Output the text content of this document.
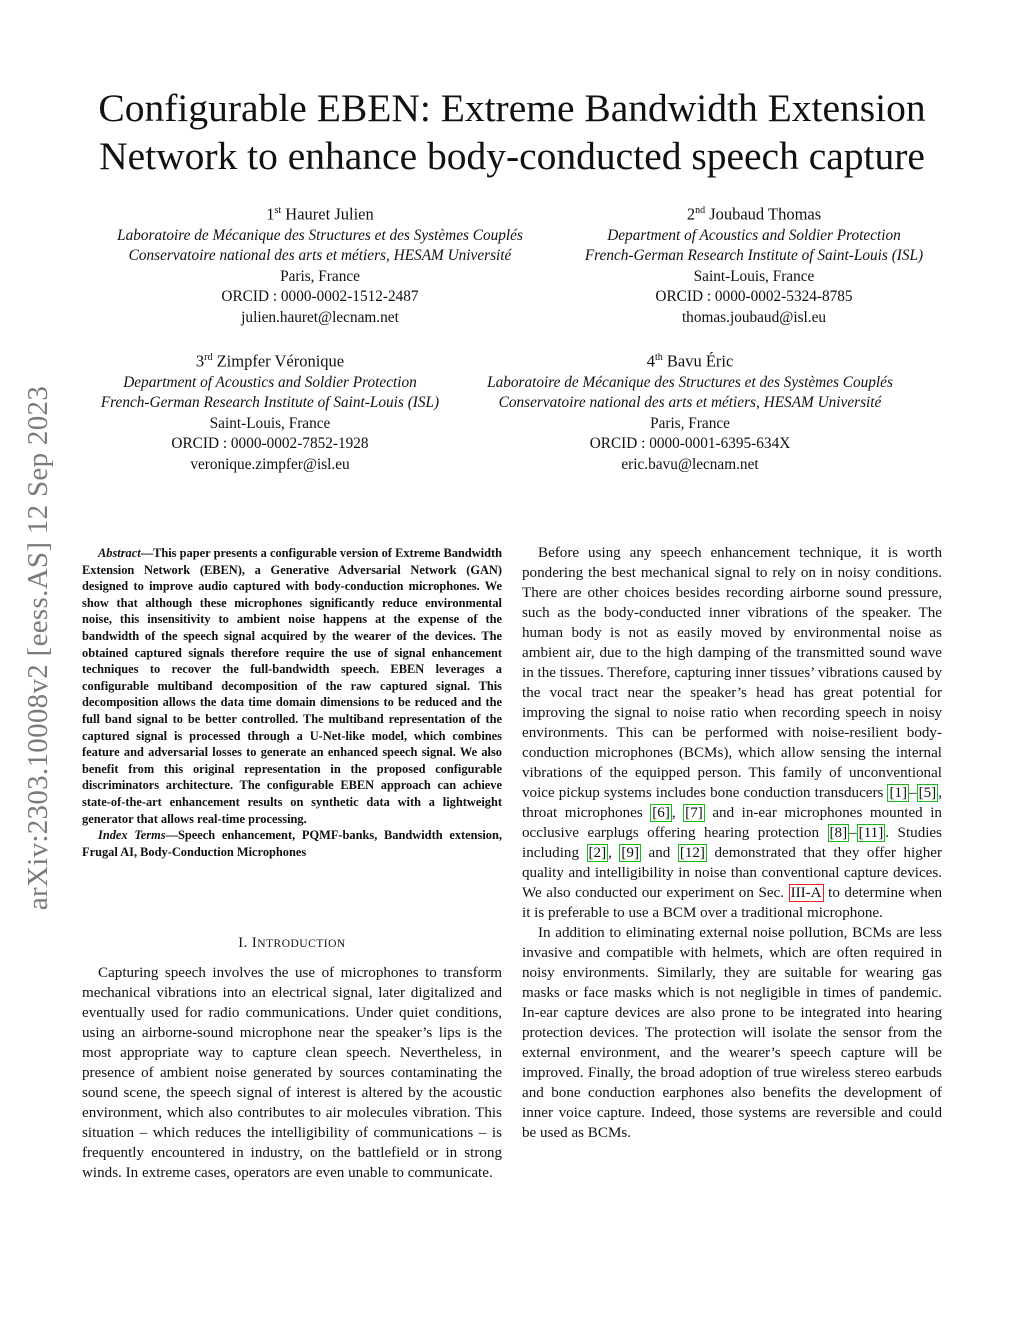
arXiv:2303.10008v2 [eess.AS] 12 Sep 2023
Configurable EBEN: Extreme Bandwidth Extension
Network to enhance body-conducted speech capture
1st Hauret Julien
Laboratoire de Mécanique des Structures et des Systèmes Couplés
Conservatoire national des arts et métiers, HESAM Université
Paris, France
ORCID : 0000-0002-1512-2487
julien.hauret@lecnam.net
2nd Joubaud Thomas
Department of Acoustics and Soldier Protection
French-German Research Institute of Saint-Louis (ISL)
Saint-Louis, France
ORCID : 0000-0002-5324-8785
thomas.joubaud@isl.eu
3rd Zimpfer Véronique
Department of Acoustics and Soldier Protection
French-German Research Institute of Saint-Louis (ISL)
Saint-Louis, France
ORCID : 0000-0002-7852-1928
veronique.zimpfer@isl.eu
4th Bavu Éric
Laboratoire de Mécanique des Structures et des Systèmes Couplés
Conservatoire national des arts et métiers, HESAM Université
Paris, France
ORCID : 0000-0001-6395-634X
eric.bavu@lecnam.net

Abstract—This paper presents a configurable version of Extreme Bandwidth Extension Network (EBEN), a Generative Adversarial Network (GAN) designed to improve audio captured with body-conduction microphones. We show that although these microphones significantly reduce environmental noise, this insensitivity to ambient noise happens at the expense of the bandwidth of the speech signal acquired by the wearer of the devices. The obtained captured signals therefore require the use of signal enhancement techniques to recover the full-bandwidth speech. EBEN leverages a configurable multiband decomposition of the raw captured signal. This decomposition allows the data time domain dimensions to be reduced and the full band signal to be better controlled. The multiband representation of the captured signal is processed through a U-Net-like model, which combines feature and adversarial losses to generate an enhanced speech signal. We also benefit from this original representation in the proposed configurable discriminators architecture. The configurable EBEN approach can achieve state-of-the-art enhancement results on synthetic data with a lightweight generator that allows real-time processing.

Index Terms—Speech enhancement, PQMF-banks, Bandwidth extension, Frugal AI, Body-Conduction Microphones

I. INTRODUCTION

Capturing speech involves the use of microphones to transform mechanical vibrations into an electrical signal, later digitalized and eventually used for radio communications. Under quiet conditions, using an airborne-sound microphone near the speaker’s lips is the most appropriate way to capture clean speech. Nevertheless, in presence of ambient noise generated by sources contaminating the sound scene, the speech signal of interest is altered by the acoustic environment, which also contributes to air molecules vibration. This situation – which reduces the intelligibility of communications – is frequently encountered in industry, on the battlefield or in strong winds. In extreme cases, operators are even unable to communicate.

Before using any speech enhancement technique, it is worth pondering the best mechanical signal to rely on in noisy conditions. There are other choices besides recording airborne sound pressure, such as the body-conducted inner vibrations of the speaker. The human body is not as easily moved by environmental noise as ambient air, due to the high damping of the transmitted sound wave in the tissues. Therefore, capturing inner tissues’ vibrations caused by the vocal tract near the speaker’s head has great potential for improving the signal to noise ratio when recording speech in noisy environments. This can be performed with noise-resilient body-conduction microphones (BCMs), which allow sensing the internal vibrations of the equipped person. This family of unconventional voice pickup systems includes bone conduction transducers [1] – [5] , throat microphones [6] , [7] and in-ear microphones mounted in occlusive earplugs offering hearing protection [8] – [11] . Studies including [2] , [9] and [12] demonstrated that they offer higher quality and intelligibility in noise than conventional capture devices. We also conducted our experiment on Sec. III-A to determine when it is preferable to use a BCM over a traditional microphone.

In addition to eliminating external noise pollution, BCMs are less invasive and compatible with helmets, which are often required in noisy environments. Similarly, they are suitable for wearing gas masks or face masks which is not negligible in times of pandemic. In-ear capture devices are also prone to be integrated into hearing protection devices. The protection will isolate the sensor from the external environment, and the wearer’s speech capture will be improved. Finally, the broad adoption of true wireless stereo earbuds and bone conduction earphones also benefits the development of inner voice capture. Indeed, those systems are reversible and could be used as BCMs.
